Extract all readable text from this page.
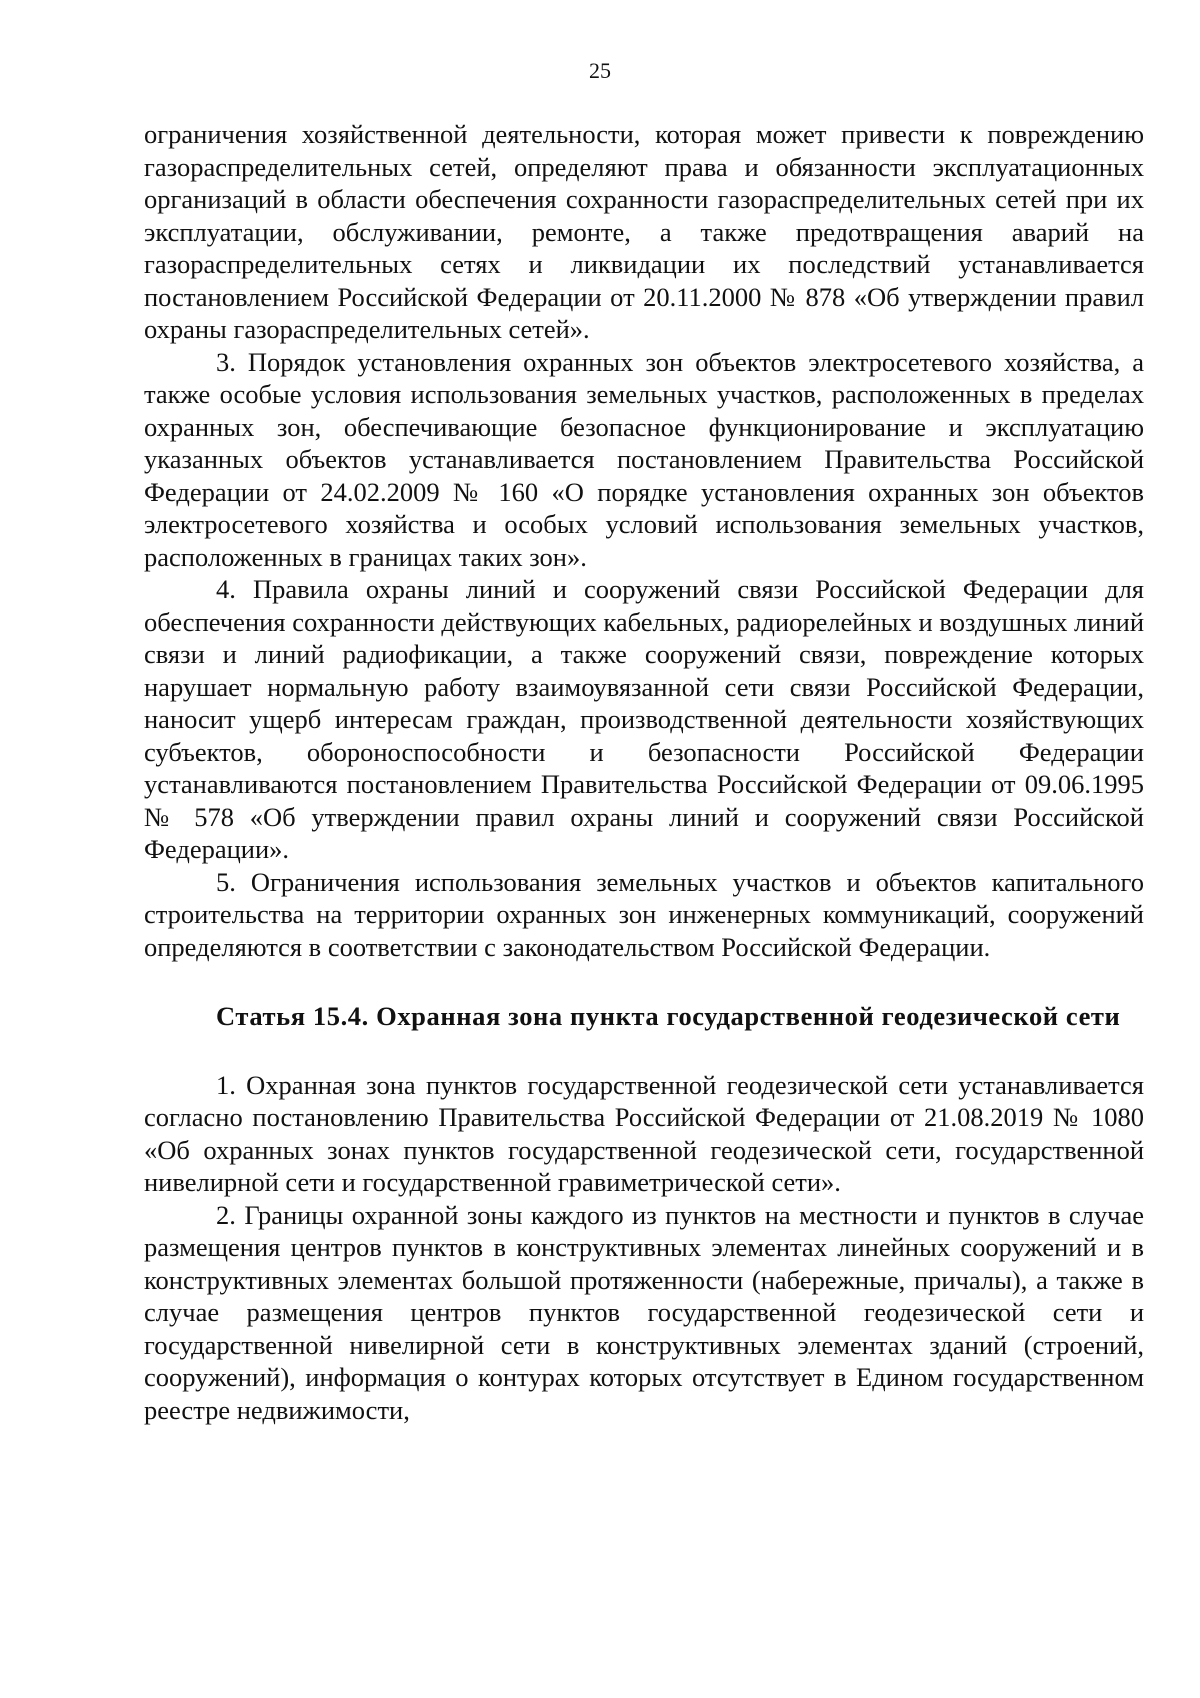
25

ограничения хозяйственной деятельности, которая может привести к повреждению газораспределительных сетей, определяют права и обязанности эксплуатационных организаций в области обеспечения сохранности газораспределительных сетей при их эксплуатации, обслуживании, ремонте, а также предотвращения аварий на газораспределительных сетях и ликвидации их последствий устанавливается постановлением Российской Федерации от 20.11.2000 № 878 «Об утверждении правил охраны газораспределительных сетей».

3. Порядок установления охранных зон объектов электросетевого хозяйства, а также особые условия использования земельных участков, расположенных в пределах охранных зон, обеспечивающие безопасное функционирование и эксплуатацию указанных объектов устанавливается постановлением Правительства Российской Федерации от 24.02.2009 № 160 «О порядке установления охранных зон объектов электросетевого хозяйства и особых условий использования земельных участков, расположенных в границах таких зон».

4. Правила охраны линий и сооружений связи Российской Федерации для обеспечения сохранности действующих кабельных, радиорелейных и воздушных линий связи и линий радиофикации, а также сооружений связи, повреждение которых нарушает нормальную работу взаимоувязанной сети связи Российской Федерации, наносит ущерб интересам граждан, производственной деятельности хозяйствующих субъектов, обороноспособности и безопасности Российской Федерации устанавливаются постановлением Правительства Российской Федерации от 09.06.1995 № 578 «Об утверждении правил охраны линий и сооружений связи Российской Федерации».

5. Ограничения использования земельных участков и объектов капитального строительства на территории охранных зон инженерных коммуникаций, сооружений определяются в соответствии с законодательством Российской Федерации.

Статья 15.4. Охранная зона пункта государственной геодезической сети

1. Охранная зона пунктов государственной геодезической сети устанавливается согласно постановлению Правительства Российской Федерации от 21.08.2019 № 1080 «Об охранных зонах пунктов государственной геодезической сети, государственной нивелирной сети и государственной гравиметрической сети».

2. Границы охранной зоны каждого из пунктов на местности и пунктов в случае размещения центров пунктов в конструктивных элементах линейных сооружений и в конструктивных элементах большой протяженности (набережные, причалы), а также в случае размещения центров пунктов государственной геодезической сети и государственной нивелирной сети в конструктивных элементах зданий (строений, сооружений), информация о контурах которых отсутствует в Едином государственном реестре недвижимости,
